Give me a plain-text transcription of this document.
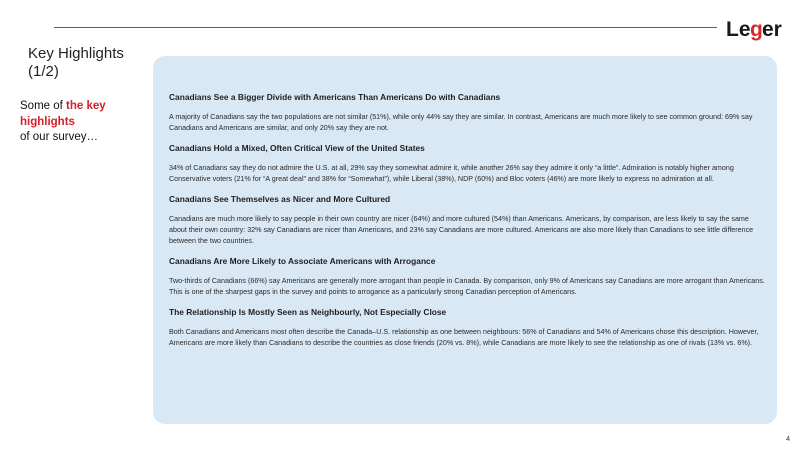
Le g er
Key Highlights
(1/2)
Some of the key highlights
of our survey…

Canadians See a Bigger Divide with Americans Than Americans Do with Canadians

A majority of Canadians say the two populations are not similar (51%), while only 44% say they are similar. In contrast, Americans are much more likely to see common ground: 69% say Canadians and Americans are similar, and only 20% say they are not.

Canadians Hold a Mixed, Often Critical View of the United States

34% of Canadians say they do not admire the U.S. at all, 29% say they somewhat admire it, while another 26% say they admire it only “a little”. Admiration is notably higher among Conservative voters (21% for “A great deal” and 38% for “Somewhat”), while Liberal (38%), NDP (60%) and Bloc voters (46%) are more likely to express no admiration at all.

Canadians See Themselves as Nicer and More Cultured

Canadians are much more likely to say people in their own country are nicer (64%) and more cultured (54%) than Americans. Americans, by comparison, are less likely to say the same about their own country: 32% say Canadians are nicer than Americans, and 23% say Canadians are more cultured. Americans are also more likely than Canadians to see little difference between the two countries.

Canadians Are More Likely to Associate Americans with Arrogance

Two-thirds of Canadians (66%) say Americans are generally more arrogant than people in Canada. By comparison, only 9% of Americans say Canadians are more arrogant than Americans. This is one of the sharpest gaps in the survey and points to arrogance as a particularly strong Canadian perception of Americans.

The Relationship Is Mostly Seen as Neighbourly, Not Especially Close

Both Canadians and Americans most often describe the Canada–U.S. relationship as one between neighbours: 56% of Canadians and 54% of Americans chose this description. However, Americans are more likely than Canadians to describe the countries as close friends (20% vs. 8%), while Canadians are more likely to see the relationship as one of rivals (13% vs. 6%).

4
